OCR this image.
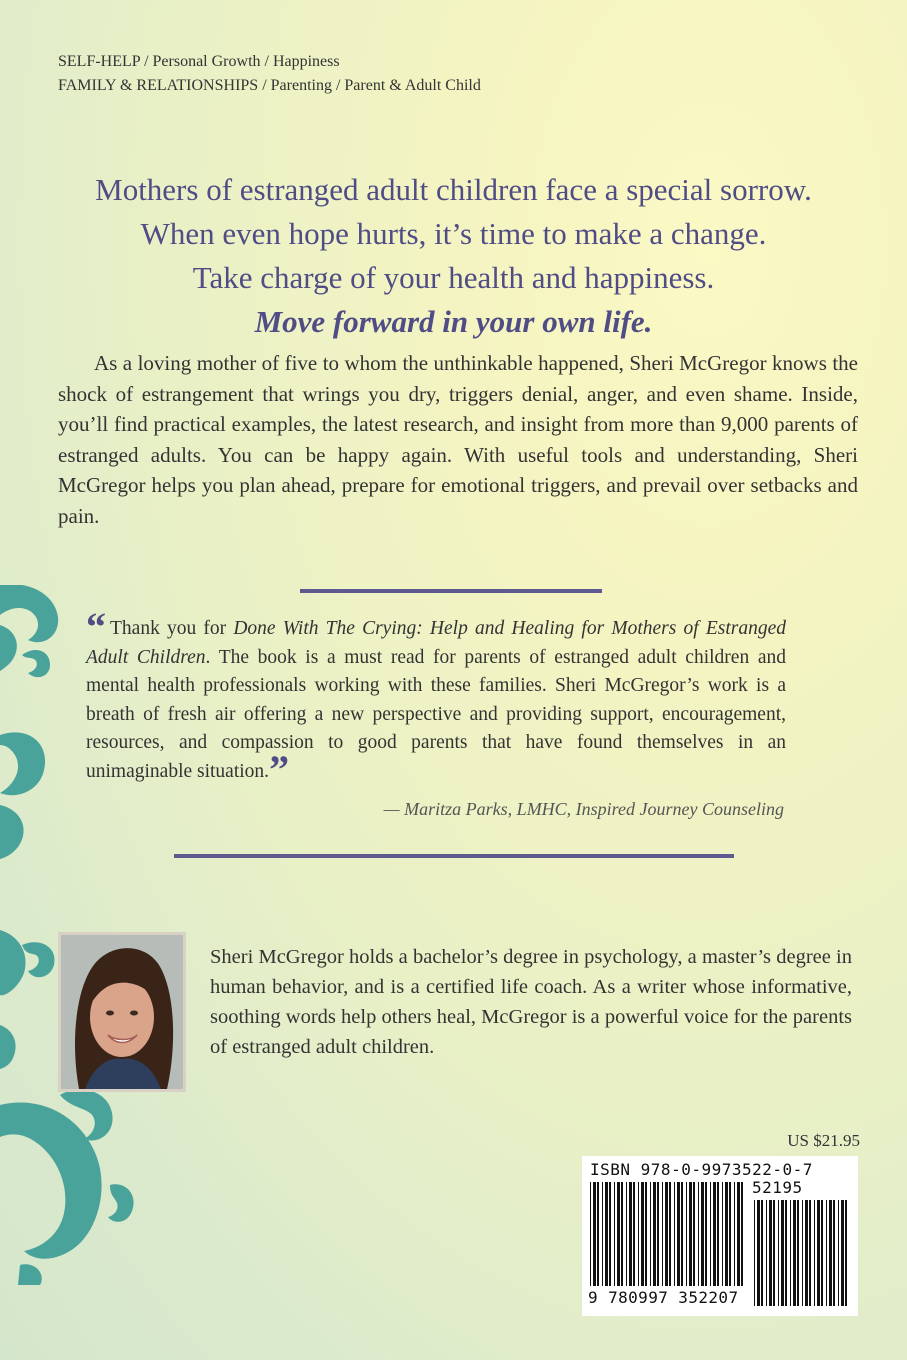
SELF-HELP / Personal Growth / Happiness
FAMILY & RELATIONSHIPS / Parenting / Parent & Adult Child
Mothers of estranged adult children face a special sorrow.
When even hope hurts, it’s time to make a change.
Take charge of your health and happiness.
Move forward in your own life.

As a loving mother of five to whom the unthinkable happened, Sheri McGregor knows the shock of estrangement that wrings you dry, triggers denial, anger, and even shame. Inside, you’ll find practical examples, the latest research, and insight from more than 9,000 parents of estranged adults. You can be happy again. With useful tools and understanding, Sheri McGregor helps you plan ahead, prepare for emotional triggers, and prevail over setbacks and pain.

“ Thank you for Done With The Crying: Help and Healing for Mothers of Estranged Adult Children. The book is a must read for parents of estranged adult children and mental health professionals working with these families. Sheri McGregor’s work is a breath of fresh air offering a new perspective and providing support, encouragement, resources, and compassion to good parents that have found themselves in an unimaginable situation.”

— Maritza Parks, LMHC, Inspired Journey Counseling

Sheri McGregor holds a bachelor’s degree in psychology, a master’s degree in human behavior, and is a certified life coach. As a writer whose informative, soothing words help others heal, McGregor is a powerful voice for the parents of estranged adult children.

US $21.95
ISBN 978-0-9973522-0-7
52195
9 780997 352207
